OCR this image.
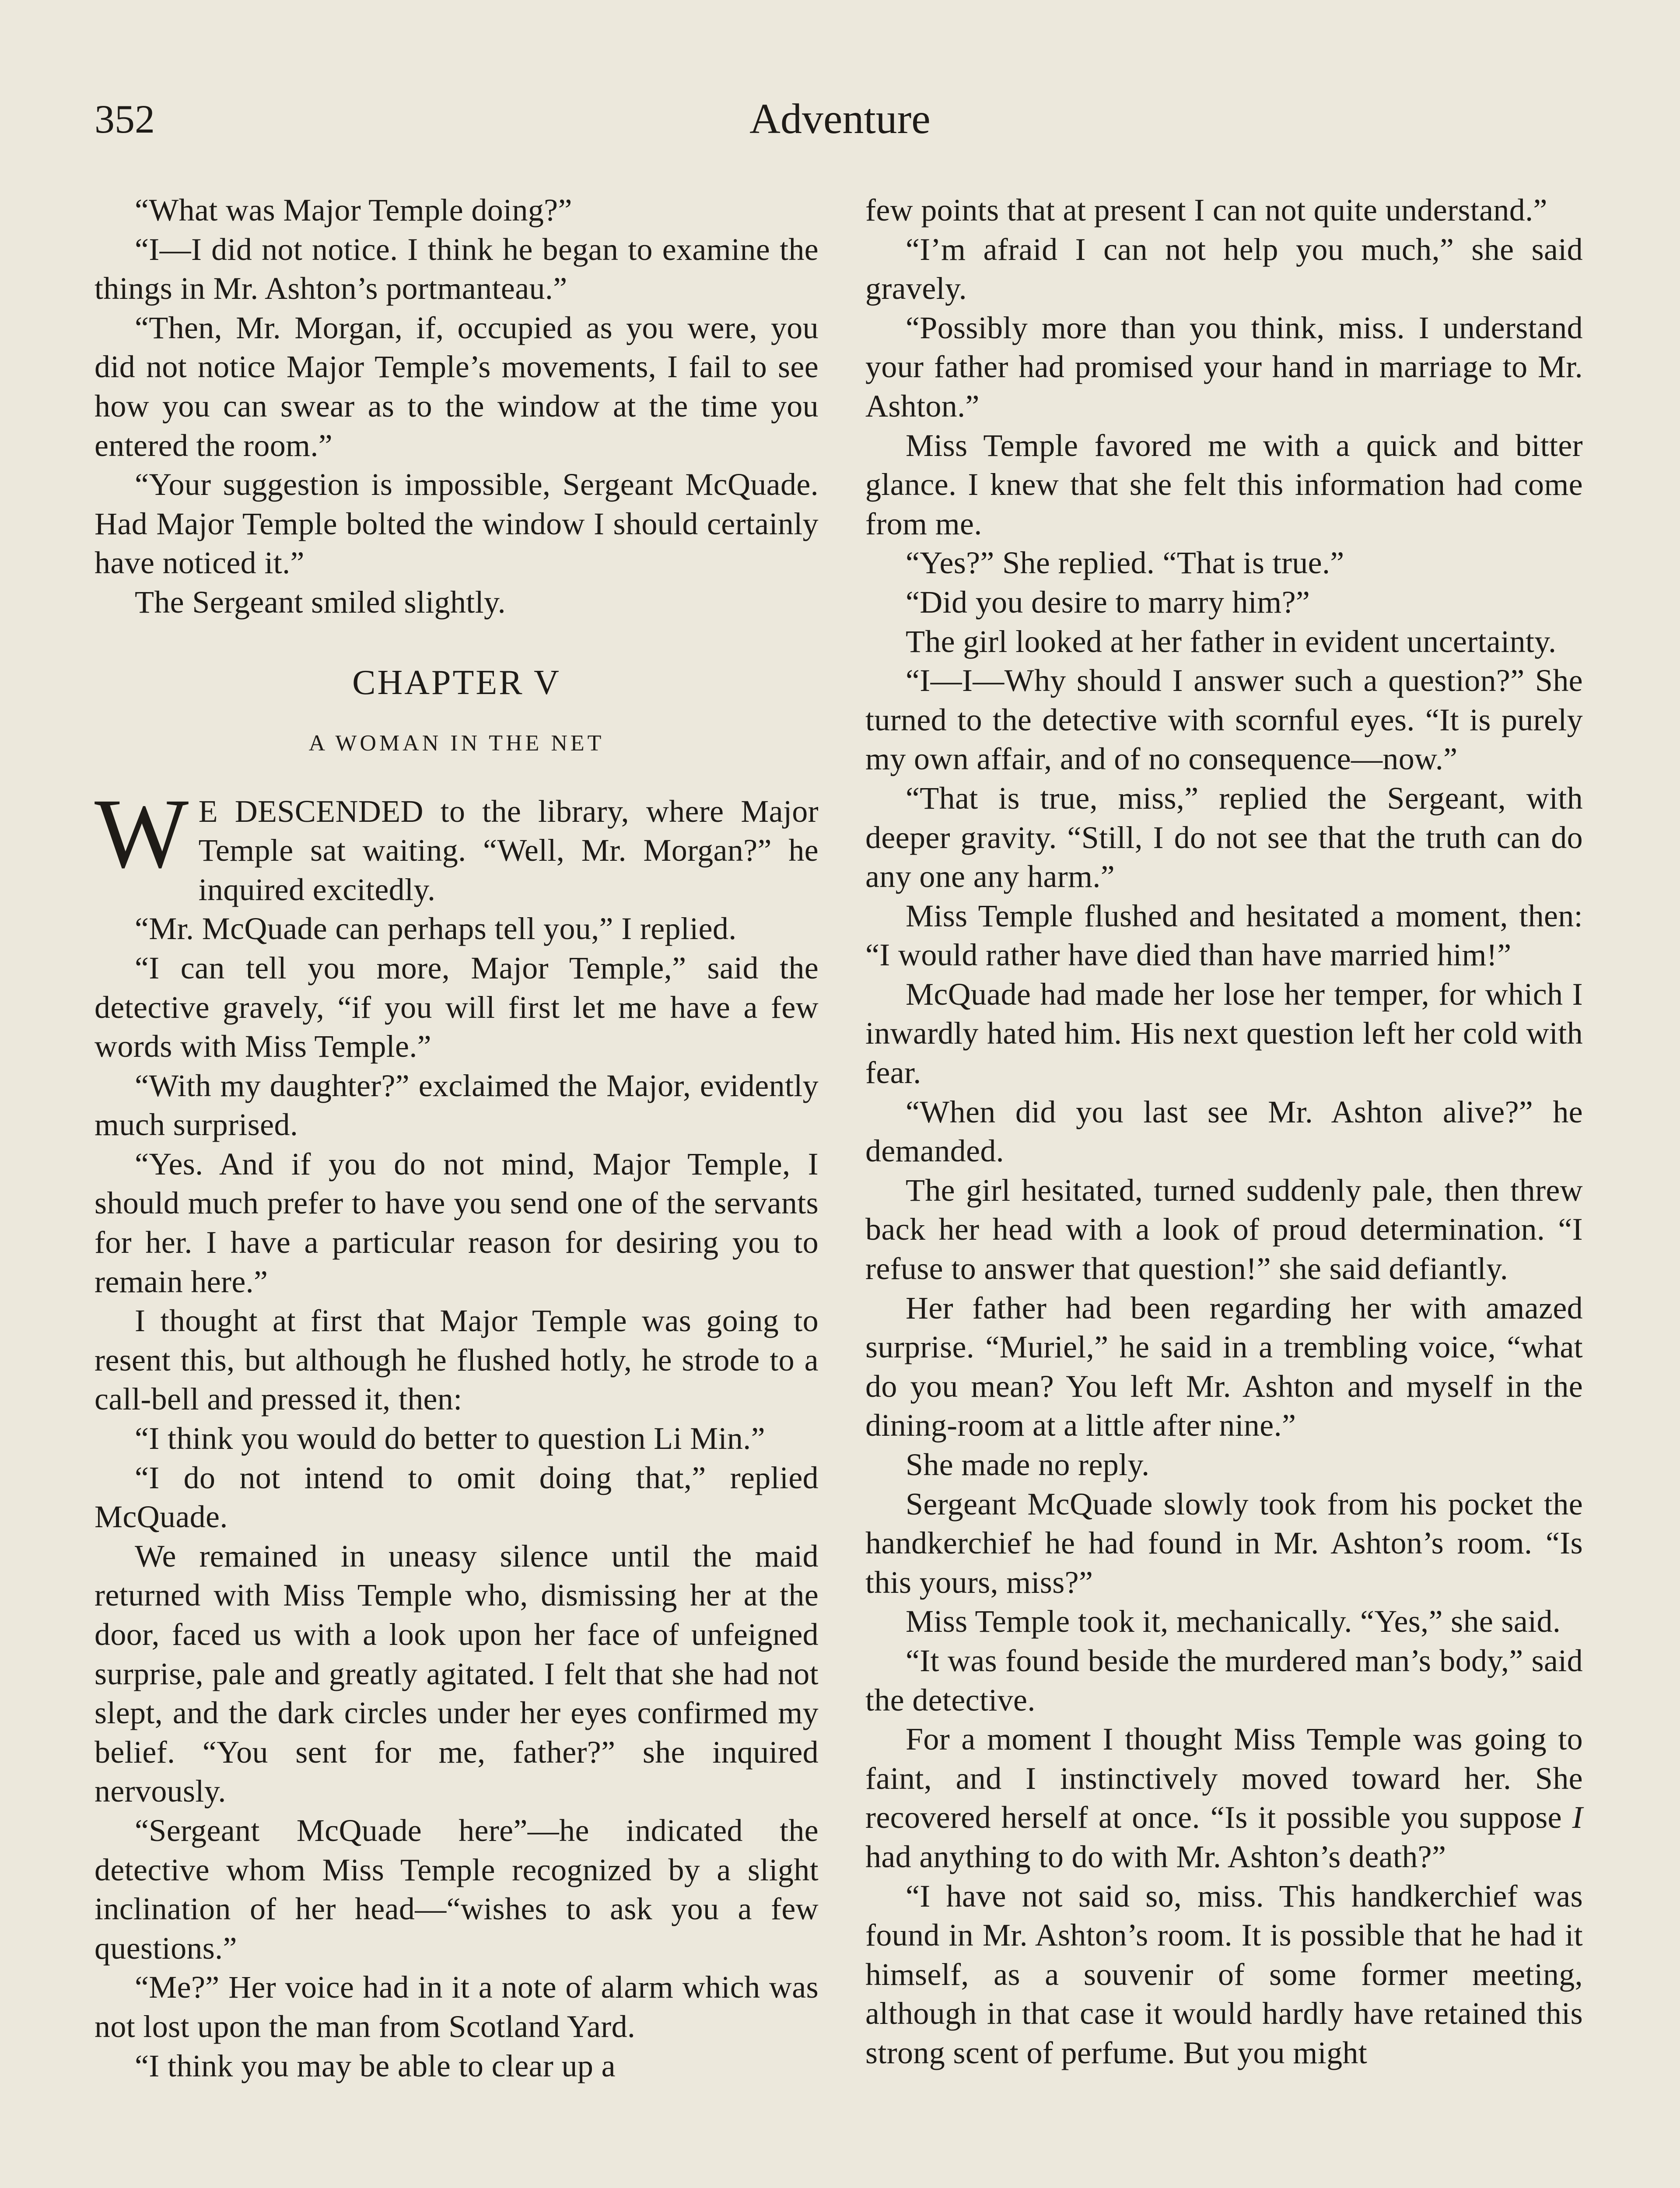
352	Adventure

“What was Major Temple doing?”

“I—I did not notice. I think he began to examine the things in Mr. Ashton’s portmanteau.”

“Then, Mr. Morgan, if, occupied as you were, you did not notice Major Temple’s movements, I fail to see how you can swear as to the window at the time you entered the room.”

“Your suggestion is impossible, Sergeant McQuade. Had Major Temple bolted the window I should certainly have noticed it.”

The Sergeant smiled slightly.

CHAPTER V
A WOMAN IN THE NET

W E DESCENDED to the library, where Major Temple sat waiting. “Well, Mr. Morgan?” he inquired excitedly.

“Mr. McQuade can perhaps tell you,” I replied.

“I can tell you more, Major Temple,” said the detective gravely, “if you will first let me have a few words with Miss Temple.”

“With my daughter?” exclaimed the Major, evidently much surprised.

“Yes. And if you do not mind, Major Temple, I should much prefer to have you send one of the servants for her. I have a particular reason for desiring you to remain here.”

I thought at first that Major Temple was going to resent this, but although he flushed hotly, he strode to a call-bell and pressed it, then:

“I think you would do better to question Li Min.”

“I do not intend to omit doing that,” replied McQuade.

We remained in uneasy silence until the maid returned with Miss Temple who, dismissing her at the door, faced us with a look upon her face of unfeigned surprise, pale and greatly agitated. I felt that she had not slept, and the dark circles under her eyes confirmed my belief. “You sent for me, father?” she inquired nervously.

“Sergeant McQuade here”—he indicated the detective whom Miss Temple recognized by a slight inclination of her head—“wishes to ask you a few questions.”

“Me?” Her voice had in it a note of alarm which was not lost upon the man from Scotland Yard.

“I think you may be able to clear up a

few points that at present I can not quite understand.”

“I’m afraid I can not help you much,” she said gravely.

“Possibly more than you think, miss. I understand your father had promised your hand in marriage to Mr. Ashton.”

Miss Temple favored me with a quick and bitter glance. I knew that she felt this information had come from me.

“Yes?” She replied. “That is true.”

“Did you desire to marry him?”

The girl looked at her father in evident uncertainty.

“I—I—Why should I answer such a question?” She turned to the detective with scornful eyes. “It is purely my own affair, and of no consequence—now.”

“That is true, miss,” replied the Sergeant, with deeper gravity. “Still, I do not see that the truth can do any one any harm.”

Miss Temple flushed and hesitated a moment, then: “I would rather have died than have married him!”

McQuade had made her lose her temper, for which I inwardly hated him. His next question left her cold with fear.

“When did you last see Mr. Ashton alive?” he demanded.

The girl hesitated, turned suddenly pale, then threw back her head with a look of proud determination. “I refuse to answer that question!” she said defiantly.

Her father had been regarding her with amazed surprise. “Muriel,” he said in a trembling voice, “what do you mean? You left Mr. Ashton and myself in the dining-room at a little after nine.”

She made no reply.

Sergeant McQuade slowly took from his pocket the handkerchief he had found in Mr. Ashton’s room. “Is this yours, miss?”

Miss Temple took it, mechanically. “Yes,” she said.

“It was found beside the murdered man’s body,” said the detective.

For a moment I thought Miss Temple was going to faint, and I instinctively moved toward her. She recovered herself at once. “Is it possible you suppose I had anything to do with Mr. Ashton’s death?”

“I have not said so, miss. This handkerchief was found in Mr. Ashton’s room. It is possible that he had it himself, as a souvenir of some former meeting, although in that case it would hardly have retained this strong scent of perfume. But you might
